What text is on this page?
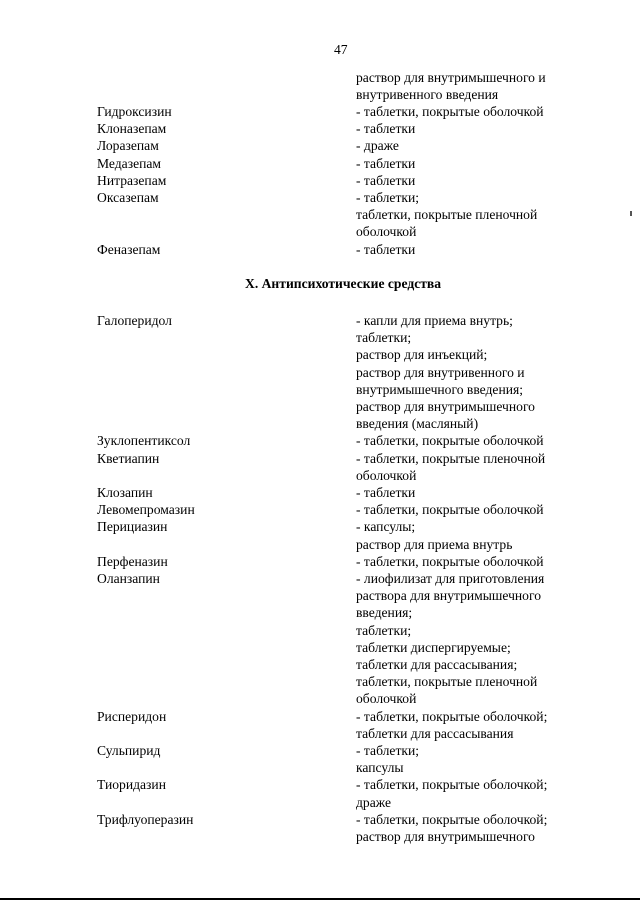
47
раствор для внутримышечного и
внутривенного введения
X. Антипсихотические средства
Гидроксизин	- таблетки, покрытые оболочкой
Клоназепам	- таблетки
Лоразепам	- драже
Медазепам	- таблетки
Нитразепам	- таблетки
Оксазепам	- таблетки;
таблетки, покрытые пленочной
оболочкой
Феназепам	- таблетки
Галоперидол	- капли для приема внутрь;
таблетки;
раствор для инъекций;
раствор для внутривенного и
внутримышечного введения;
раствор для внутримышечного
введения (масляный)
Зуклопентиксол	- таблетки, покрытые оболочкой
Кветиапин	- таблетки, покрытые пленочной
оболочкой
Клозапин	- таблетки
Левомепромазин	- таблетки, покрытые оболочкой
Перициазин	- капсулы;
раствор для приема внутрь
Перфеназин	- таблетки, покрытые оболочкой
Оланзапин	- лиофилизат для приготовления
раствора для внутримышечного
введения;
таблетки;
таблетки диспергируемые;
таблетки для рассасывания;
таблетки, покрытые пленочной
оболочкой
Рисперидон	- таблетки, покрытые оболочкой;
таблетки для рассасывания
Сульпирид	- таблетки;
капсулы
Тиоридазин	- таблетки, покрытые оболочкой;
драже
Трифлуоперазин	- таблетки, покрытые оболочкой;
раствор для внутримышечного
